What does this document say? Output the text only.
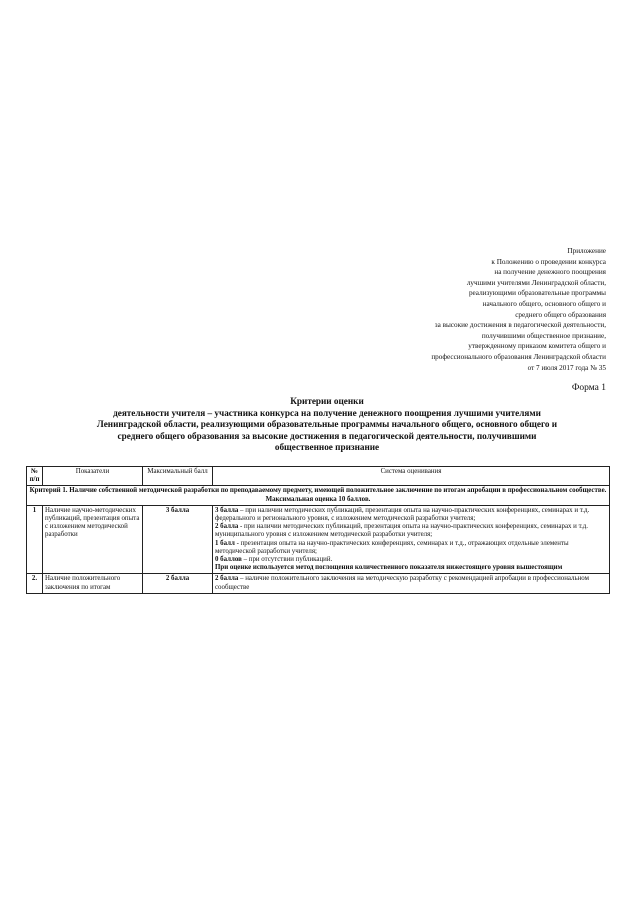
Приложение
к Положению о проведении конкурса
на получение денежного поощрения
лучшими учителями Ленинградской области,
реализующими образовательные программы
начального общего, основного общего и
среднего общего образования
за высокие достижения в педагогической деятельности,
получившими общественное признание,
утвержденному приказом комитета общего и
профессионального образования Ленинградской области
от 7 июля 2017 года № 35
Форма 1
Критерии оценки
деятельности учителя – участника конкурса на получение денежного поощрения лучшими учителями
Ленинградской области, реализующими образовательные программы начального общего, основного общего и
среднего общего образования за высокие достижения в педагогической деятельности, получившими
общественное признание
№ п/п	Показатели	Максимальный балл	Система оценивания
Критерий 1. Наличие собственной методической разработки по преподаваемому предмету, имеющей положительное заключение по итогам апробации в профессиональном сообществе. Максимальная оценка 10 баллов.			
1	Наличие научно-методических публикаций, презентация опыта с изложением методической разработки	3 балла	3 балла – при наличии методических публикаций, презентация опыта на научно-практических конференциях, семинарах и т.д. федерального и регионального уровня, с изложением методической разработки учителя;
2 балла - при наличии методических публикаций, презентация опыта на научно-практических конференциях, семинарах и т.д. муниципального уровня с изложением методической разработки учителя;
1 балл - презентация опыта на научно-практических конференциях, семинарах и т.д., отражающих отдельные элементы методической разработки учителя;
0 баллов – при отсутствии публикаций.
При оценке используется метод поглощения количественного показателя нижестоящего уровня вышестоящим

2.	Наличие положительного заключения по итогам	2 балла	2 балла – наличие положительного заключения на методическую разработку с рекомендацией апробации в профессиональном сообществе
